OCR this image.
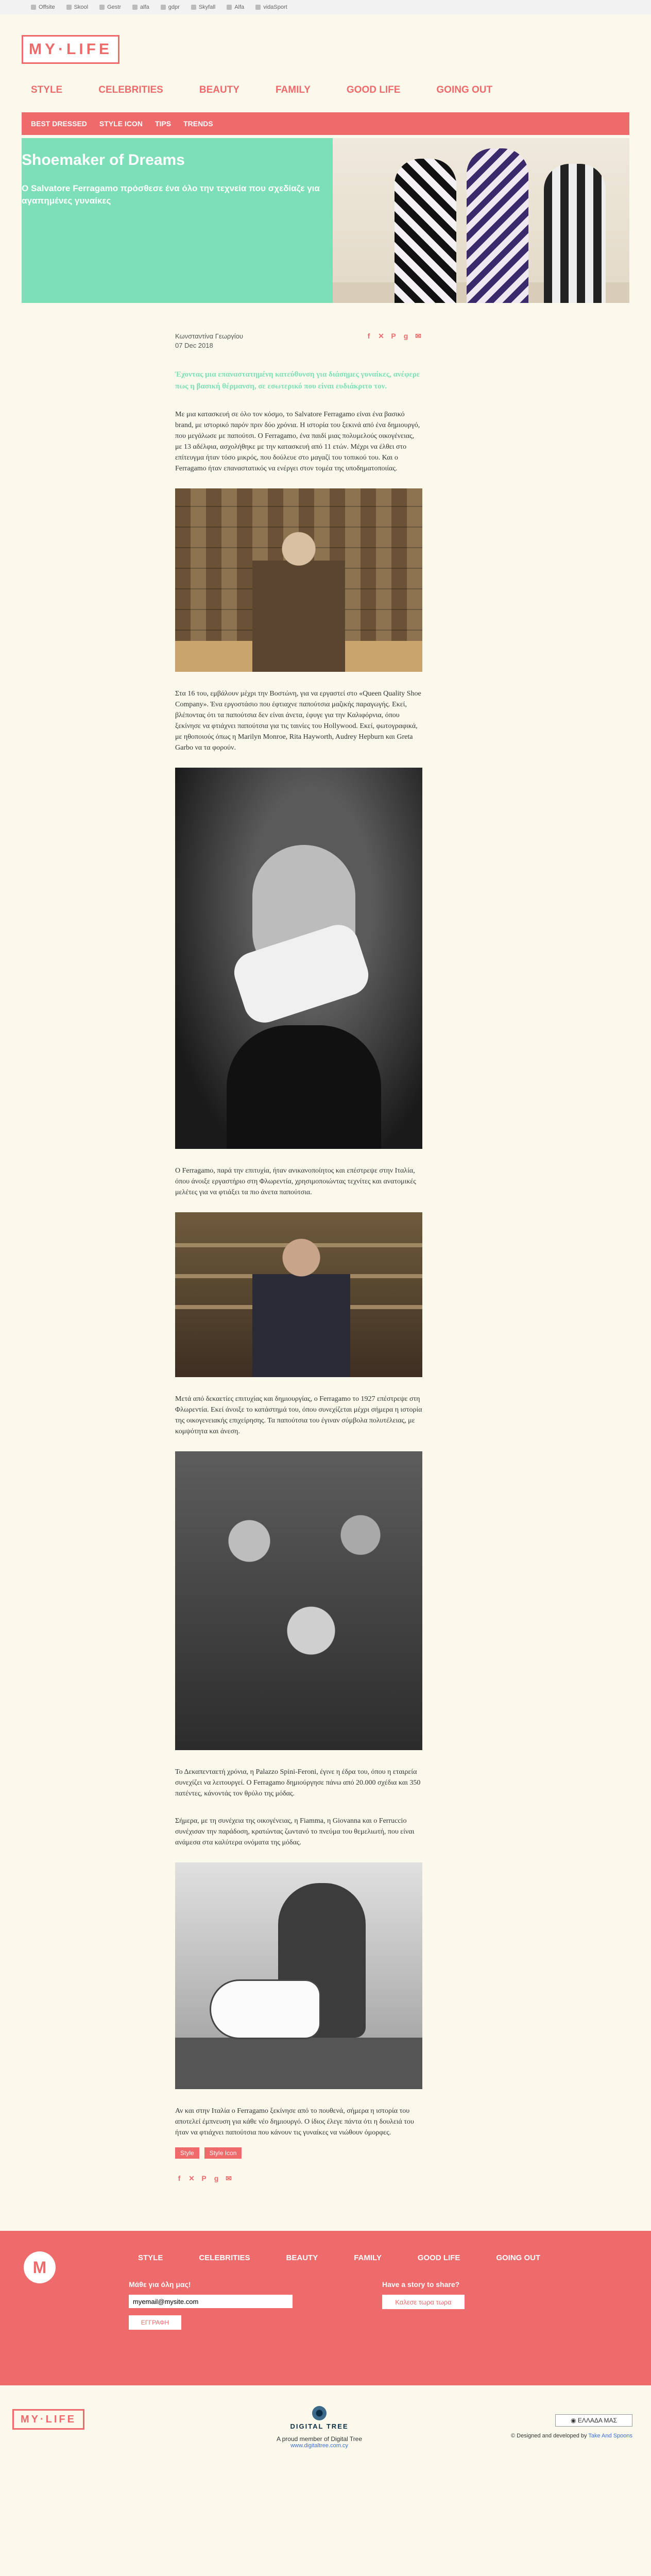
Offsite	Skool	Gestr	alfa	gdpr	Skyfall	Alfa	vidaSport
MY·LIFE
STYLE	CELEBRITIES	BEAUTY	FAMILY	GOOD LIFE	GOING OUT
BEST DRESSED STYLE ICON TIPS TRENDS
Shoemaker of Dreams

Ο Salvatore Ferragamo πρόσθεσε ένα όλο την τεχνεία που σχεδίαζε για αγαπημένες γυναίκες

Κωνσταντίνα Γεωργίου
07 Dec 2018
f	✕ P g ✉

Έχοντας μια επαναστατημένη κατεύθυνση για διάσημες γυναίκες, ανέφερε πως η βασική θέρμανση, σε εσωτερικό που είναι ευδιάκριτο τον.

Με μια κατασκευή σε όλο τον κόσμο, το Salvatore Ferragamo είναι ένα βασικό brand, με ιστορικό παρόν πριν δύο χρόνια. Η ιστορία του ξεκινά από ένα δημιουργό, που μεγάλωσε με παπούτσι. Ο Ferragamo, ένα παιδί μιας πολυμελούς οικογένειας, με 13 αδέλφια, ασχολήθηκε με την κατασκευή από 11 ετών. Μέχρι να έλθει στο επίτευγμα ήταν τόσο μικρός, που δούλευε στο μαγαζί του τοπικού του. Και ο Ferragamo ήταν επαναστατικός να ενέργει στον τομέα της υποδηματοποιίας.

Στα 16 του, εμβάλουν μέχρι την Βοστώνη, για να εργαστεί στο «Queen Quality Shoe Company». Ένα εργοστάσιο που έφτιαχνε παπούτσια μαζικής παραγωγής. Εκεί, βλέποντας ότι τα παπούτσια δεν είναι άνετα, έφυγε για την Καλιφόρνια, όπου ξεκίνησε να φτιάχνει παπούτσια για τις ταινίες του Hollywood. Εκεί, φωτογραφικά, με ηθοποιούς όπως η Marilyn Monroe, Rita Hayworth, Audrey Hepburn και Greta Garbo να τα φορούν.

Ο Ferragamo, παρά την επιτυχία, ήταν ανικανοποίητος και επέστρεψε στην Ιταλία, όπου άνοιξε εργαστήριο στη Φλωρεντία, χρησιμοποιώντας τεχνίτες και ανατομικές μελέτες για να φτιάξει τα πιο άνετα παπούτσια.

Μετά από δεκαετίες επιτυχίας και δημιουργίας, ο Ferragamo το 1927 επέστρεψε στη Φλωρεντία. Εκεί άνοιξε το κατάστημά του, όπου συνεχίζεται μέχρι σήμερα η ιστορία της οικογενειακής επιχείρησης. Τα παπούτσια του έγιναν σύμβολα πολυτέλειας, με κομψότητα και άνεση.

Το Δεκαπενταετή χρόνια, η Palazzo Spini-Feroni, έγινε η έδρα του, όπου η εταιρεία συνεχίζει να λειτουργεί. Ο Ferragamo δημιούργησε πάνω από 20.000 σχέδια και 350 πατέντες, κάνοντάς τον θρύλο της μόδας.

Σήμερα, με τη συνέχεια της οικογένειας, η Fiamma, η Giovanna και ο Ferruccio συνέχισαν την παράδοση, κρατώντας ζωντανό το πνεύμα του θεμελιωτή, που είναι ανάμεσα στα καλύτερα ονόματα της μόδας.

Αν και στην Ιταλία ο Ferragamo ξεκίνησε από το πουθενά, σήμερα η ιστορία του αποτελεί έμπνευση για κάθε νέο δημιουργό. Ο ίδιος έλεγε πάντα ότι η δουλειά του ήταν να φτιάχνει παπούτσια που κάνουν τις γυναίκες να νιώθουν όμορφες.

Style	Style Icon
f	✕ P g ✉
M	STYLE	CELEBRITIES	BEAUTY	FAMILY	GOOD LIFE	GOING OUT
Μάθε για όλη μας!
myemail@mysite.com
ΕΓΓΡΑΦΗ
Have a story to share?
Καλεσε τωρα τωρα
MY·LIFE
DIGITAL TREE
A proud member of Digital Tree
www.digitaltree.com.cy
◉ ΕΛΛΑΔΑ ΜΑΣ
© Designed and developed by Take And Spoons
